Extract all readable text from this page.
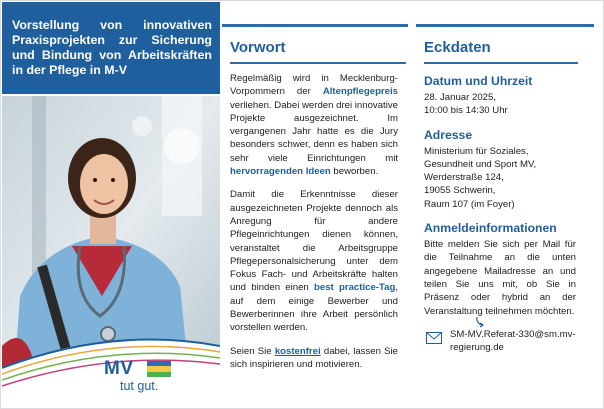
Vorstellung von innovativen Praxisprojekten zur Sicherung und Bindung von Arbeitskräften in der Pflege in M-V
MV
tut gut.
Vorwort

Regelmäßig wird in Mecklenburg-Vorpommern der Altenpflegepreis verliehen. Dabei werden drei innovative Projekte ausgezeichnet. Im vergangenen Jahr hatte es die Jury besonders schwer, denn es haben sich sehr viele Einrichtungen mit hervorragenden Ideen beworben.

Damit die Erkenntnisse dieser ausgezeichneten Projekte dennoch als Anregung für andere Pflegeinrichtungen dienen können, veranstaltet die Arbeitsgruppe Pflegepersonalsicherung unter dem Fokus Fach- und Arbeitskräfte halten und binden einen best practice-Tag, auf dem einige Bewerber und Bewerberinnen ihre Arbeit persönlich vorstellen werden.

Seien Sie kostenfrei dabei, lassen Sie sich inspirieren und motivieren.

Eckdaten
Datum und Uhrzeit
28. Januar 2025,
10:00 bis 14:30 Uhr
Adresse
Ministerium für Soziales,
Gesundheit und Sport MV,
Werderstraße 124,
19055 Schwerin,
Raum 107 (im Foyer)
Anmeldeinformationen
Bitte melden Sie sich per Mail für die Teilnahme an die unten angegebene Mailadresse an und teilen Sie uns mit, ob Sie in Präsenz oder hybrid an der Veranstaltung teilnehmen möchten.
SM-MV.Referat-330@sm.mv-regierung.de
